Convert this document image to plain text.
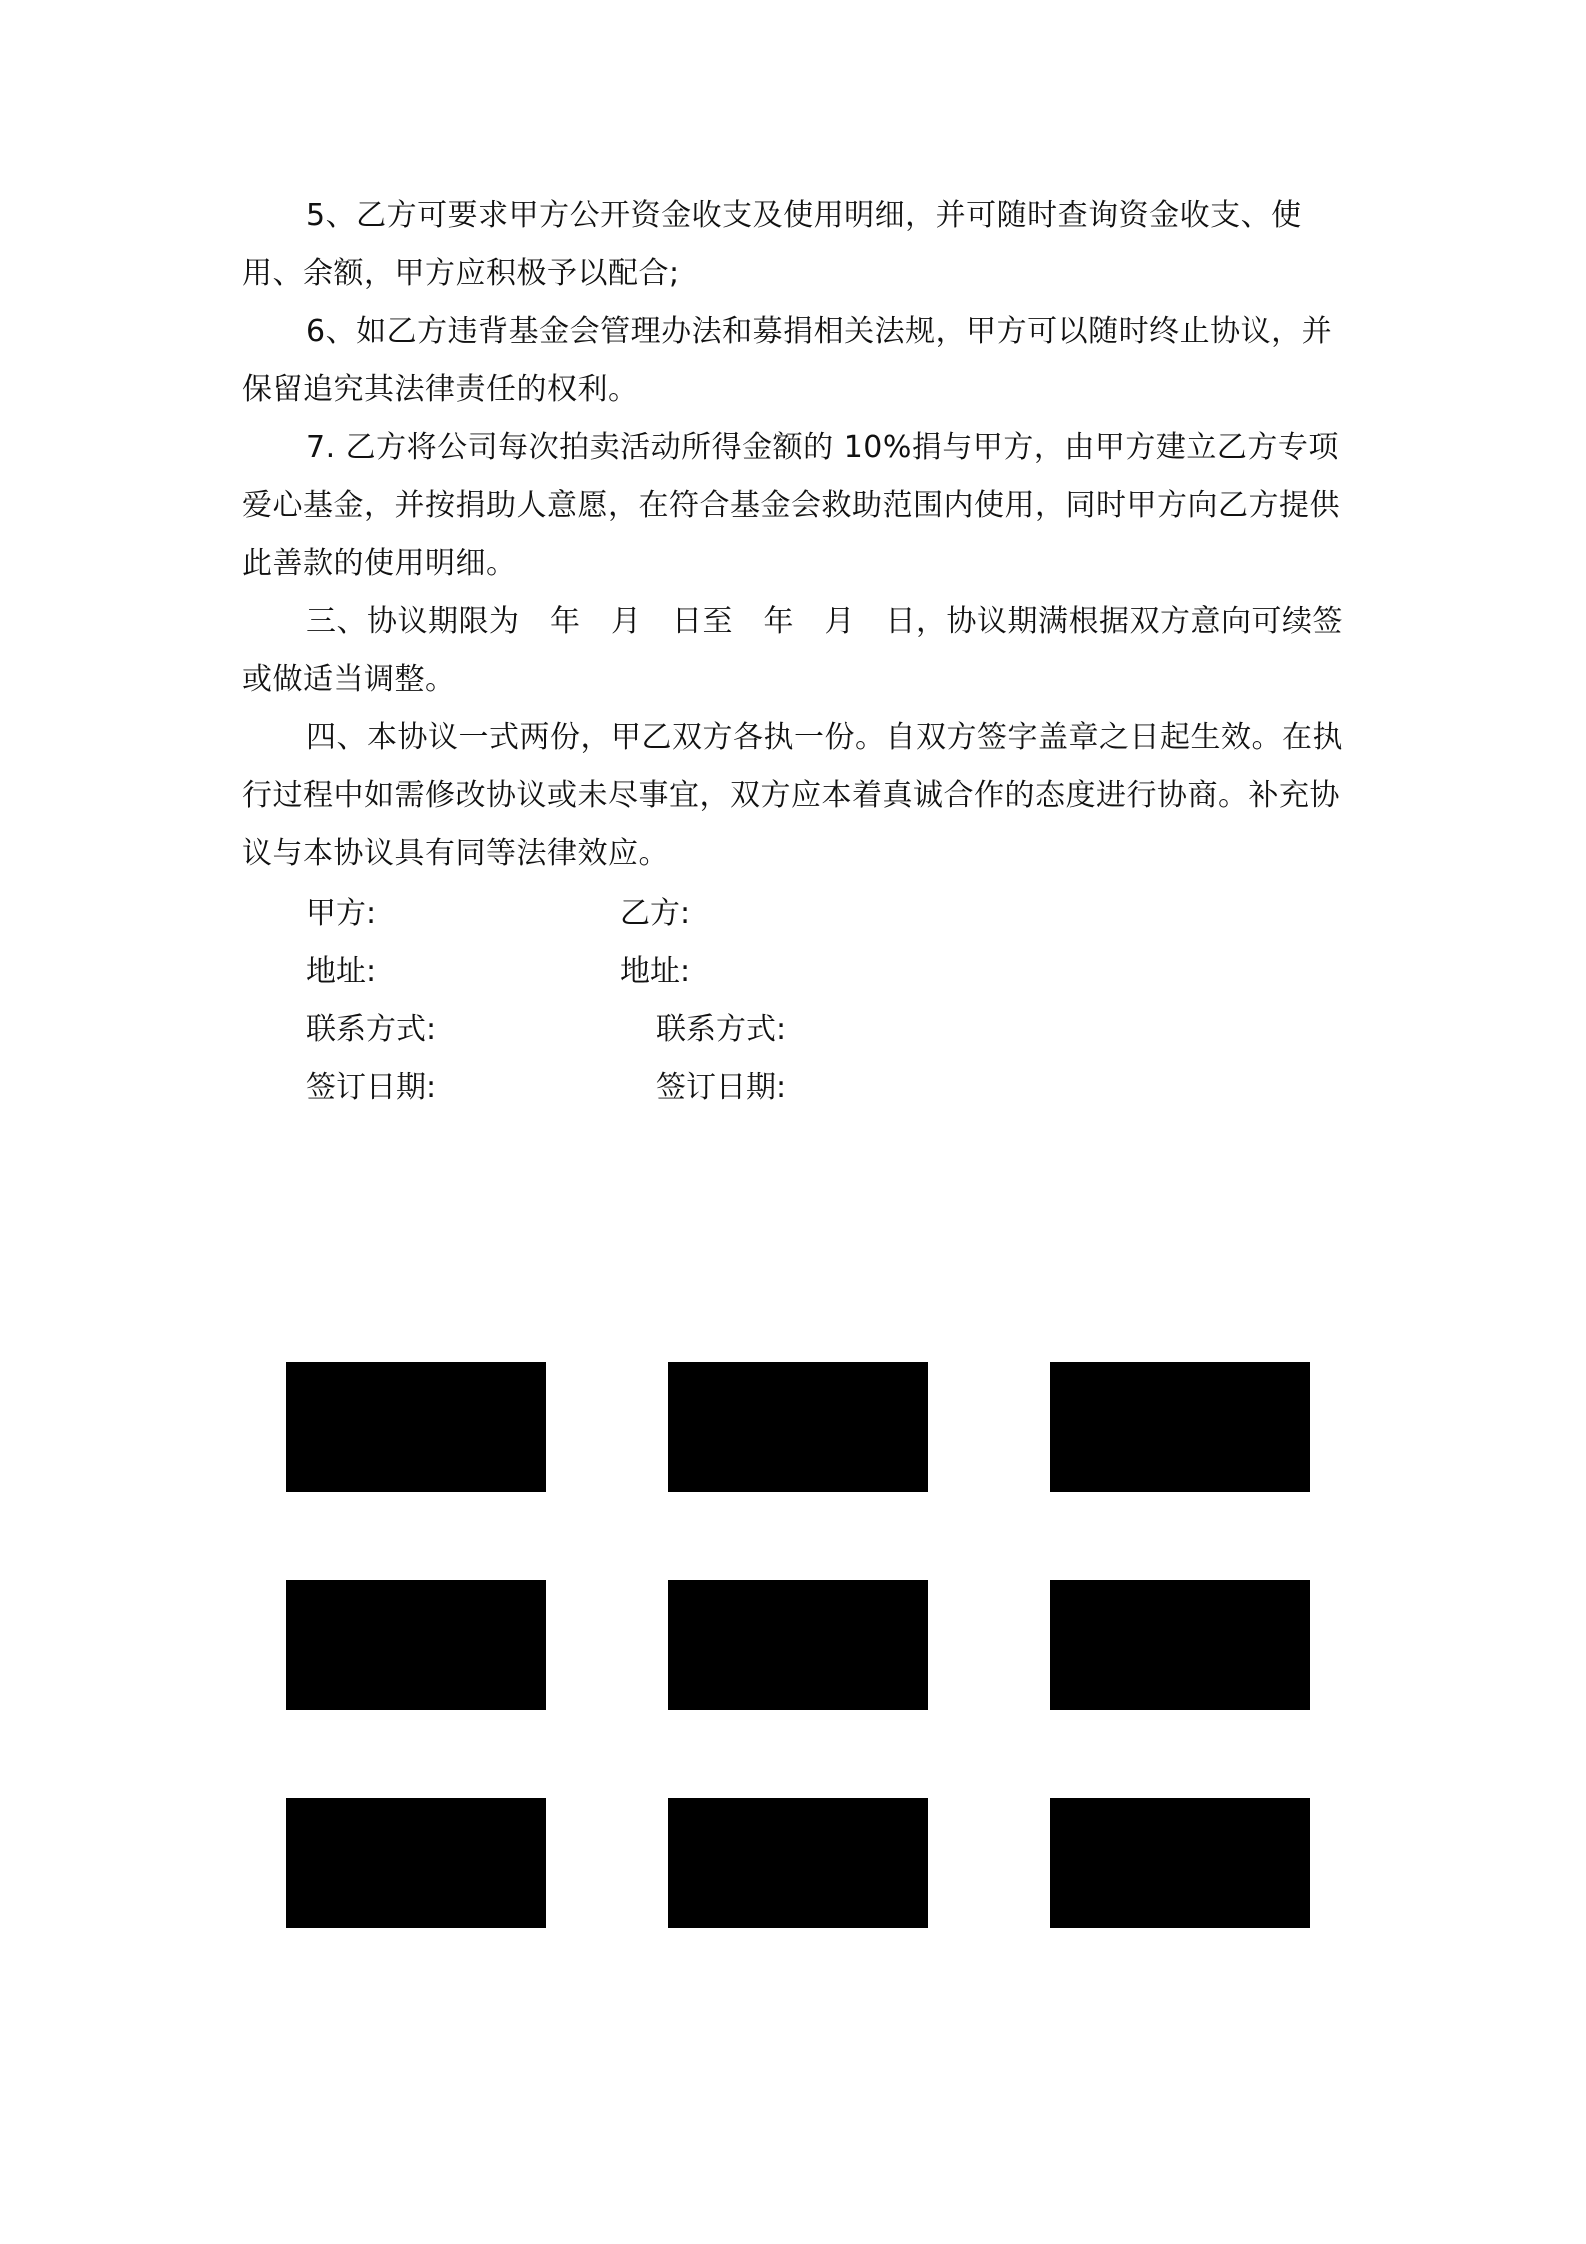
5、乙方可要求甲方公开资金收支及使用明细，并可随时查询资金收支、使用、余额，甲方应积极予以配合;

6、如乙方违背基金会管理办法和募捐相关法规，甲方可以随时终止协议，并保留追究其法律责任的权利。

7. 乙方将公司每次拍卖活动所得金额的 10%捐与甲方，由甲方建立乙方专项爱心基金，并按捐助人意愿，在符合基金会救助范围内使用，同时甲方向乙方提供此善款的使用明细。

三、协议期限为　年　月　日至　年　月　日，协议期满根据双方意向可续签或做适当调整。

四、本协议一式两份，甲乙双方各执一份。自双方签字盖章之日起生效。在执行过程中如需修改协议或未尽事宜，双方应本着真诚合作的态度进行协商。补充协议与本协议具有同等法律效应。

甲方:	乙方:
地址:	地址:
联系方式:	联系方式:
签订日期:	签订日期:
